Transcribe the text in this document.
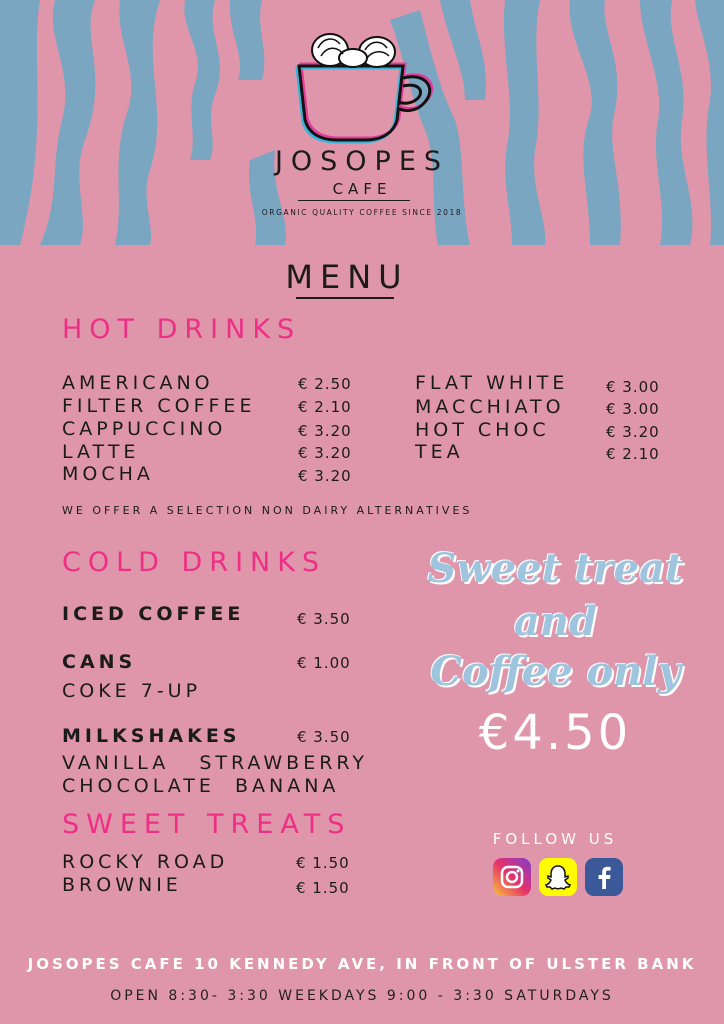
JOSOPES
CAFE
ORGANIC QUALITY COFFEE SINCE 2018
MENU
HOT DRINKS
AMERICANO	€ 2.50
FILTER COFFEE	€ 2.10
CAPPUCCINO	€ 3.20
LATTE	€ 3.20
MOCHA	€ 3.20
FLAT WHITE	€ 3.00
MACCHIATO	€ 3.00
HOT CHOC	€ 3.20
TEA	€ 2.10
WE OFFER A SELECTION NON DAIRY ALTERNATIVES
COLD DRINKS
ICED COFFEE	€ 3.50
CANS	€ 1.00
COKE 7-UP
MILKSHAKES	€ 3.50
VANILLA   STRAWBERRY
CHOCOLATE  BANANA
SWEET TREATS
ROCKY ROAD	€ 1.50
BROWNIE	€ 1.50
Sweet treat
and
Coffee only
€4.50
FOLLOW US
JOSOPES CAFE 10 KENNEDY AVE, IN FRONT OF ULSTER BANK
OPEN 8:30- 3:30 WEEKDAYS 9:00 - 3:30 SATURDAYS
